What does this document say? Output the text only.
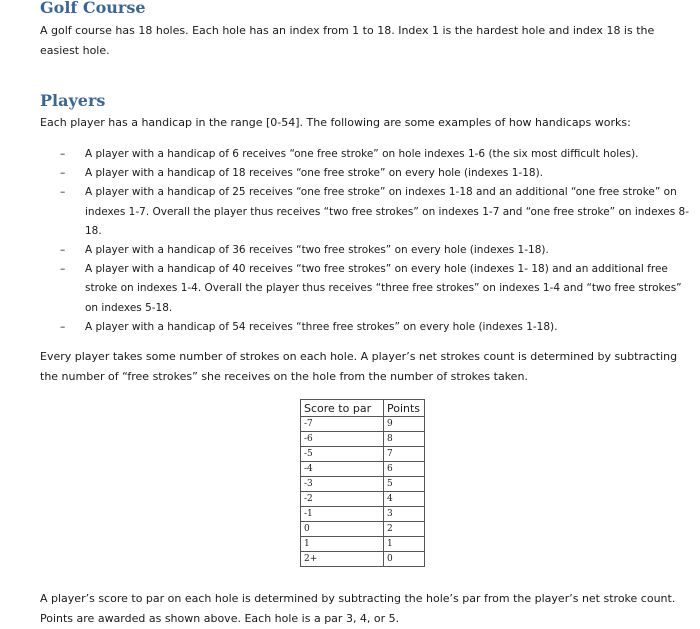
Golf Course

A golf course has 18 holes. Each hole has an index from 1 to 18. Index 1 is the hardest hole and index 18 is the easiest hole.

Players

Each player has a handicap in the range [0-54]. The following are some examples of how handicaps works:

– A player with a handicap of 6 receives “one free stroke” on hole indexes 1-6 (the six most difficult holes).
– A player with a handicap of 18 receives “one free stroke” on every hole (indexes 1-18).
– A player with a handicap of 25 receives “one free stroke” on indexes 1-18 and an additional “one free stroke” on indexes 1-7. Overall the player thus receives “two free strokes” on indexes 1-7 and “one free stroke” on indexes 8-18.
– A player with a handicap of 36 receives “two free strokes” on every hole (indexes 1-18).
– A player with a handicap of 40 receives “two free strokes” on every hole (indexes 1- 18) and an additional free stroke on indexes 1-4. Overall the player thus receives “three free strokes” on indexes 1-4 and “two free strokes” on indexes 5-18.
– A player with a handicap of 54 receives “three free strokes” on every hole (indexes 1-18).

Every player takes some number of strokes on each hole. A player’s net strokes count is determined by subtracting the number of “free strokes” she receives on the hole from the number of strokes taken.

Score to par	Points
-7	9
-6	8
-5	7
-4	6
-3	5
-2	4
-1	3
0	2
1	1
2+	0

A player’s score to par on each hole is determined by subtracting the hole’s par from the player’s net stroke count. Points are awarded as shown above. Each hole is a par 3, 4, or 5.
